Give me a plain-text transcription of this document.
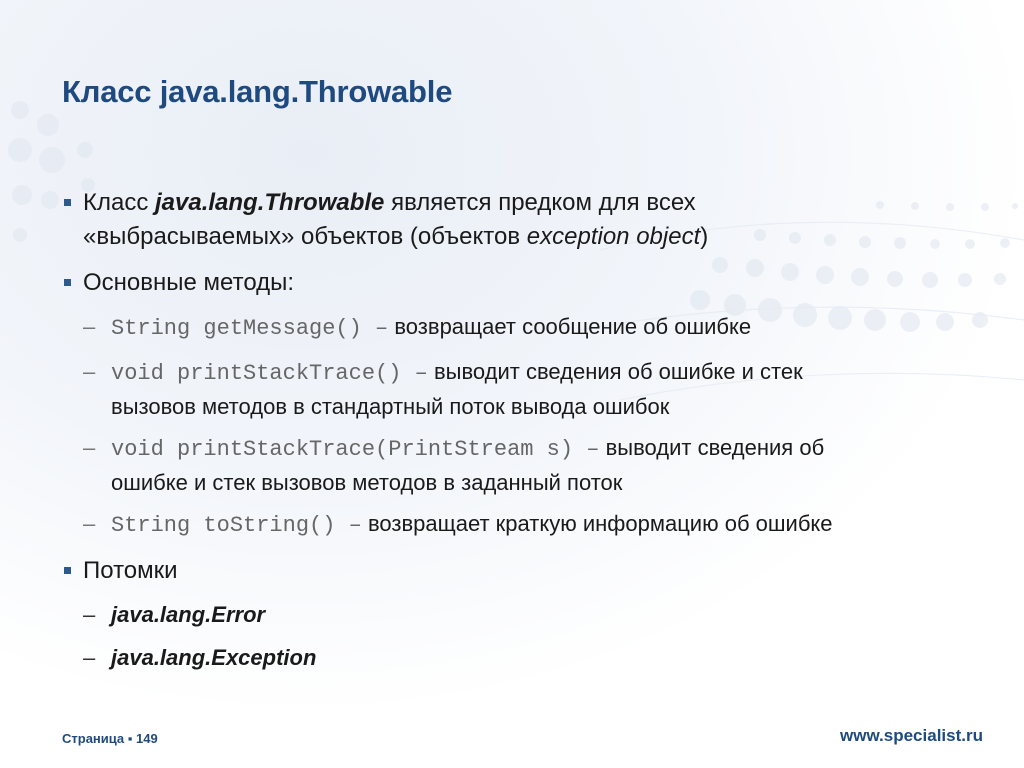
Класс java.lang.Throwable
Класс java.lang.Throwable является предком для всех
«выбрасываемых» объектов (объектов exception object)
Основные методы:
– String getMessage() – возвращает сообщение об ошибке
– void printStackTrace() – выводит сведения об ошибке и стек
вызовов методов в стандартный поток вывода ошибок
– void printStackTrace(PrintStream s) – выводит сведения об
ошибке и стек вызовов методов в заданный поток
– String toString() – возвращает краткую информацию об ошибке
Потомки
– java.lang.Error
– java.lang.Exception
Страница ▪ 149	www.specialist.ru
